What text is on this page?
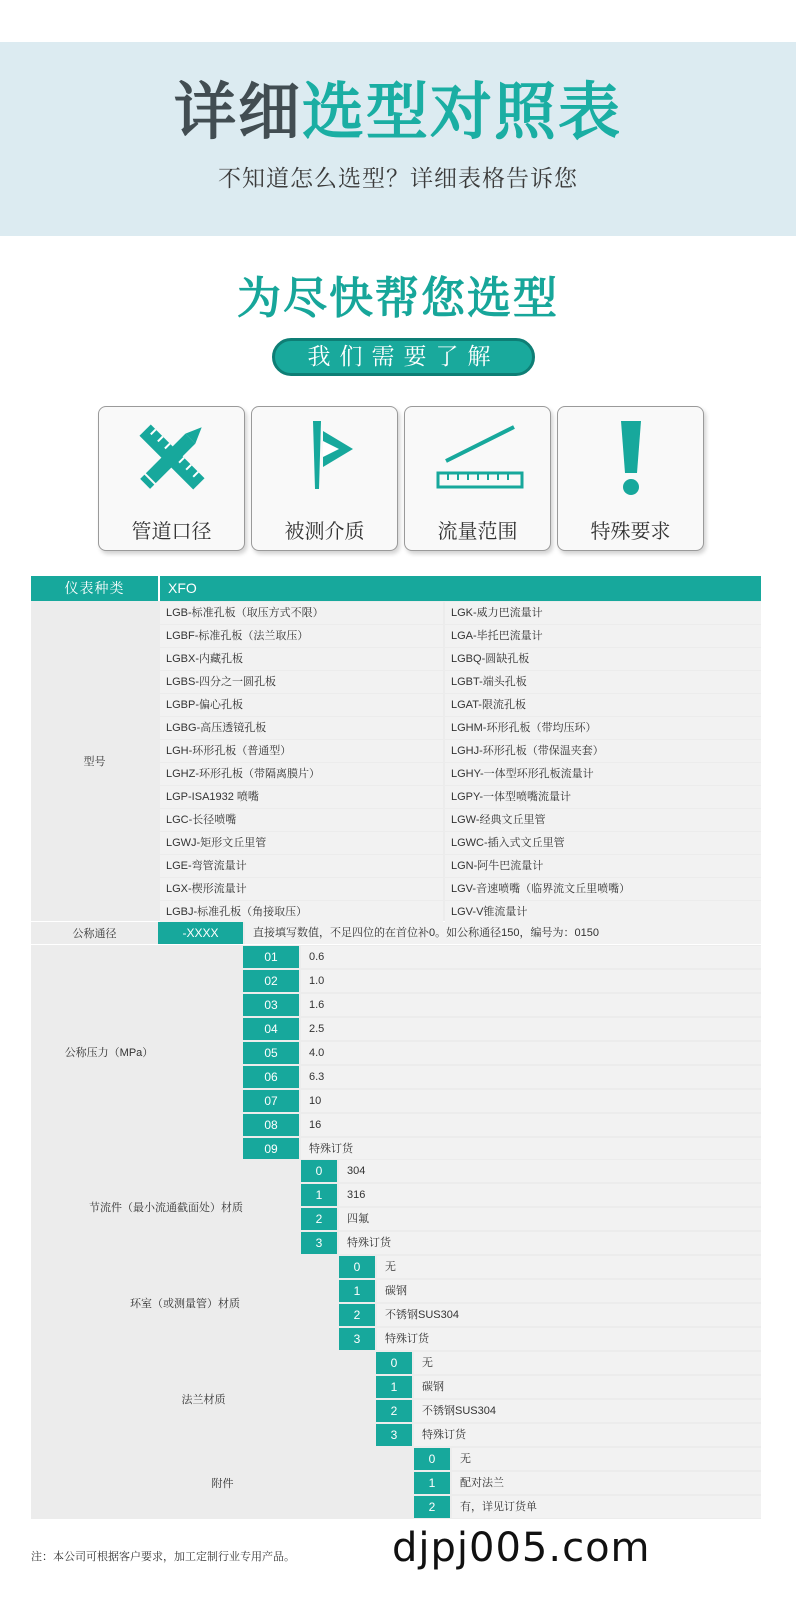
详细选型对照表
不知道怎么选型？详细表格告诉您
为尽快帮您选型
我们需要了解
管道口径	被测介质	流量范围	特殊要求
仪表种类	XFO
型号
LGB-标准孔板（取压方式不限）	LGK-威力巴流量计
LGBF-标准孔板（法兰取压）	LGA-毕托巴流量计
LGBX-内藏孔板	LGBQ-圆缺孔板
LGBS-四分之一圆孔板	LGBT-端头孔板
LGBP-偏心孔板	LGAT-限流孔板
LGBG-高压透镜孔板	LGHM-环形孔板（带均压环）
LGH-环形孔板（普通型）	LGHJ-环形孔板（带保温夹套）
LGHZ-环形孔板（带隔离膜片）	LGHY-一体型环形孔板流量计
LGP-ISA1932 喷嘴	LGPY-一体型喷嘴流量计
LGC-长径喷嘴	LGW-经典文丘里管
LGWJ-矩形文丘里管	LGWC-插入式文丘里管
LGE-弯管流量计	LGN-阿牛巴流量计
LGX-楔形流量计	LGV-音速喷嘴（临界流文丘里喷嘴）
LGBJ-标准孔板（角接取压）	LGV-V锥流量计
公称通径	-XXXX	直接填写数值，不足四位的在首位补0。如公称通径150，编号为：0150
公称压力（MPa）
01	0.6
02	1.0
03	1.6
04	2.5
05	4.0
06	6.3
07	10
08	16
09	特殊订货
节流件（最小流通截面处）材质
0	304
1	316
2	四氟
3	特殊订货
环室（或测量管）材质
0	无
1	碳钢
2	不锈钢SUS304
3	特殊订货
法兰材质
0	无
1	碳钢
2	不锈钢SUS304
3	特殊订货
附件
0	无
1	配对法兰
2	有，详见订货单
注：本公司可根据客户要求，加工定制行业专用产品。 djpj005.com
